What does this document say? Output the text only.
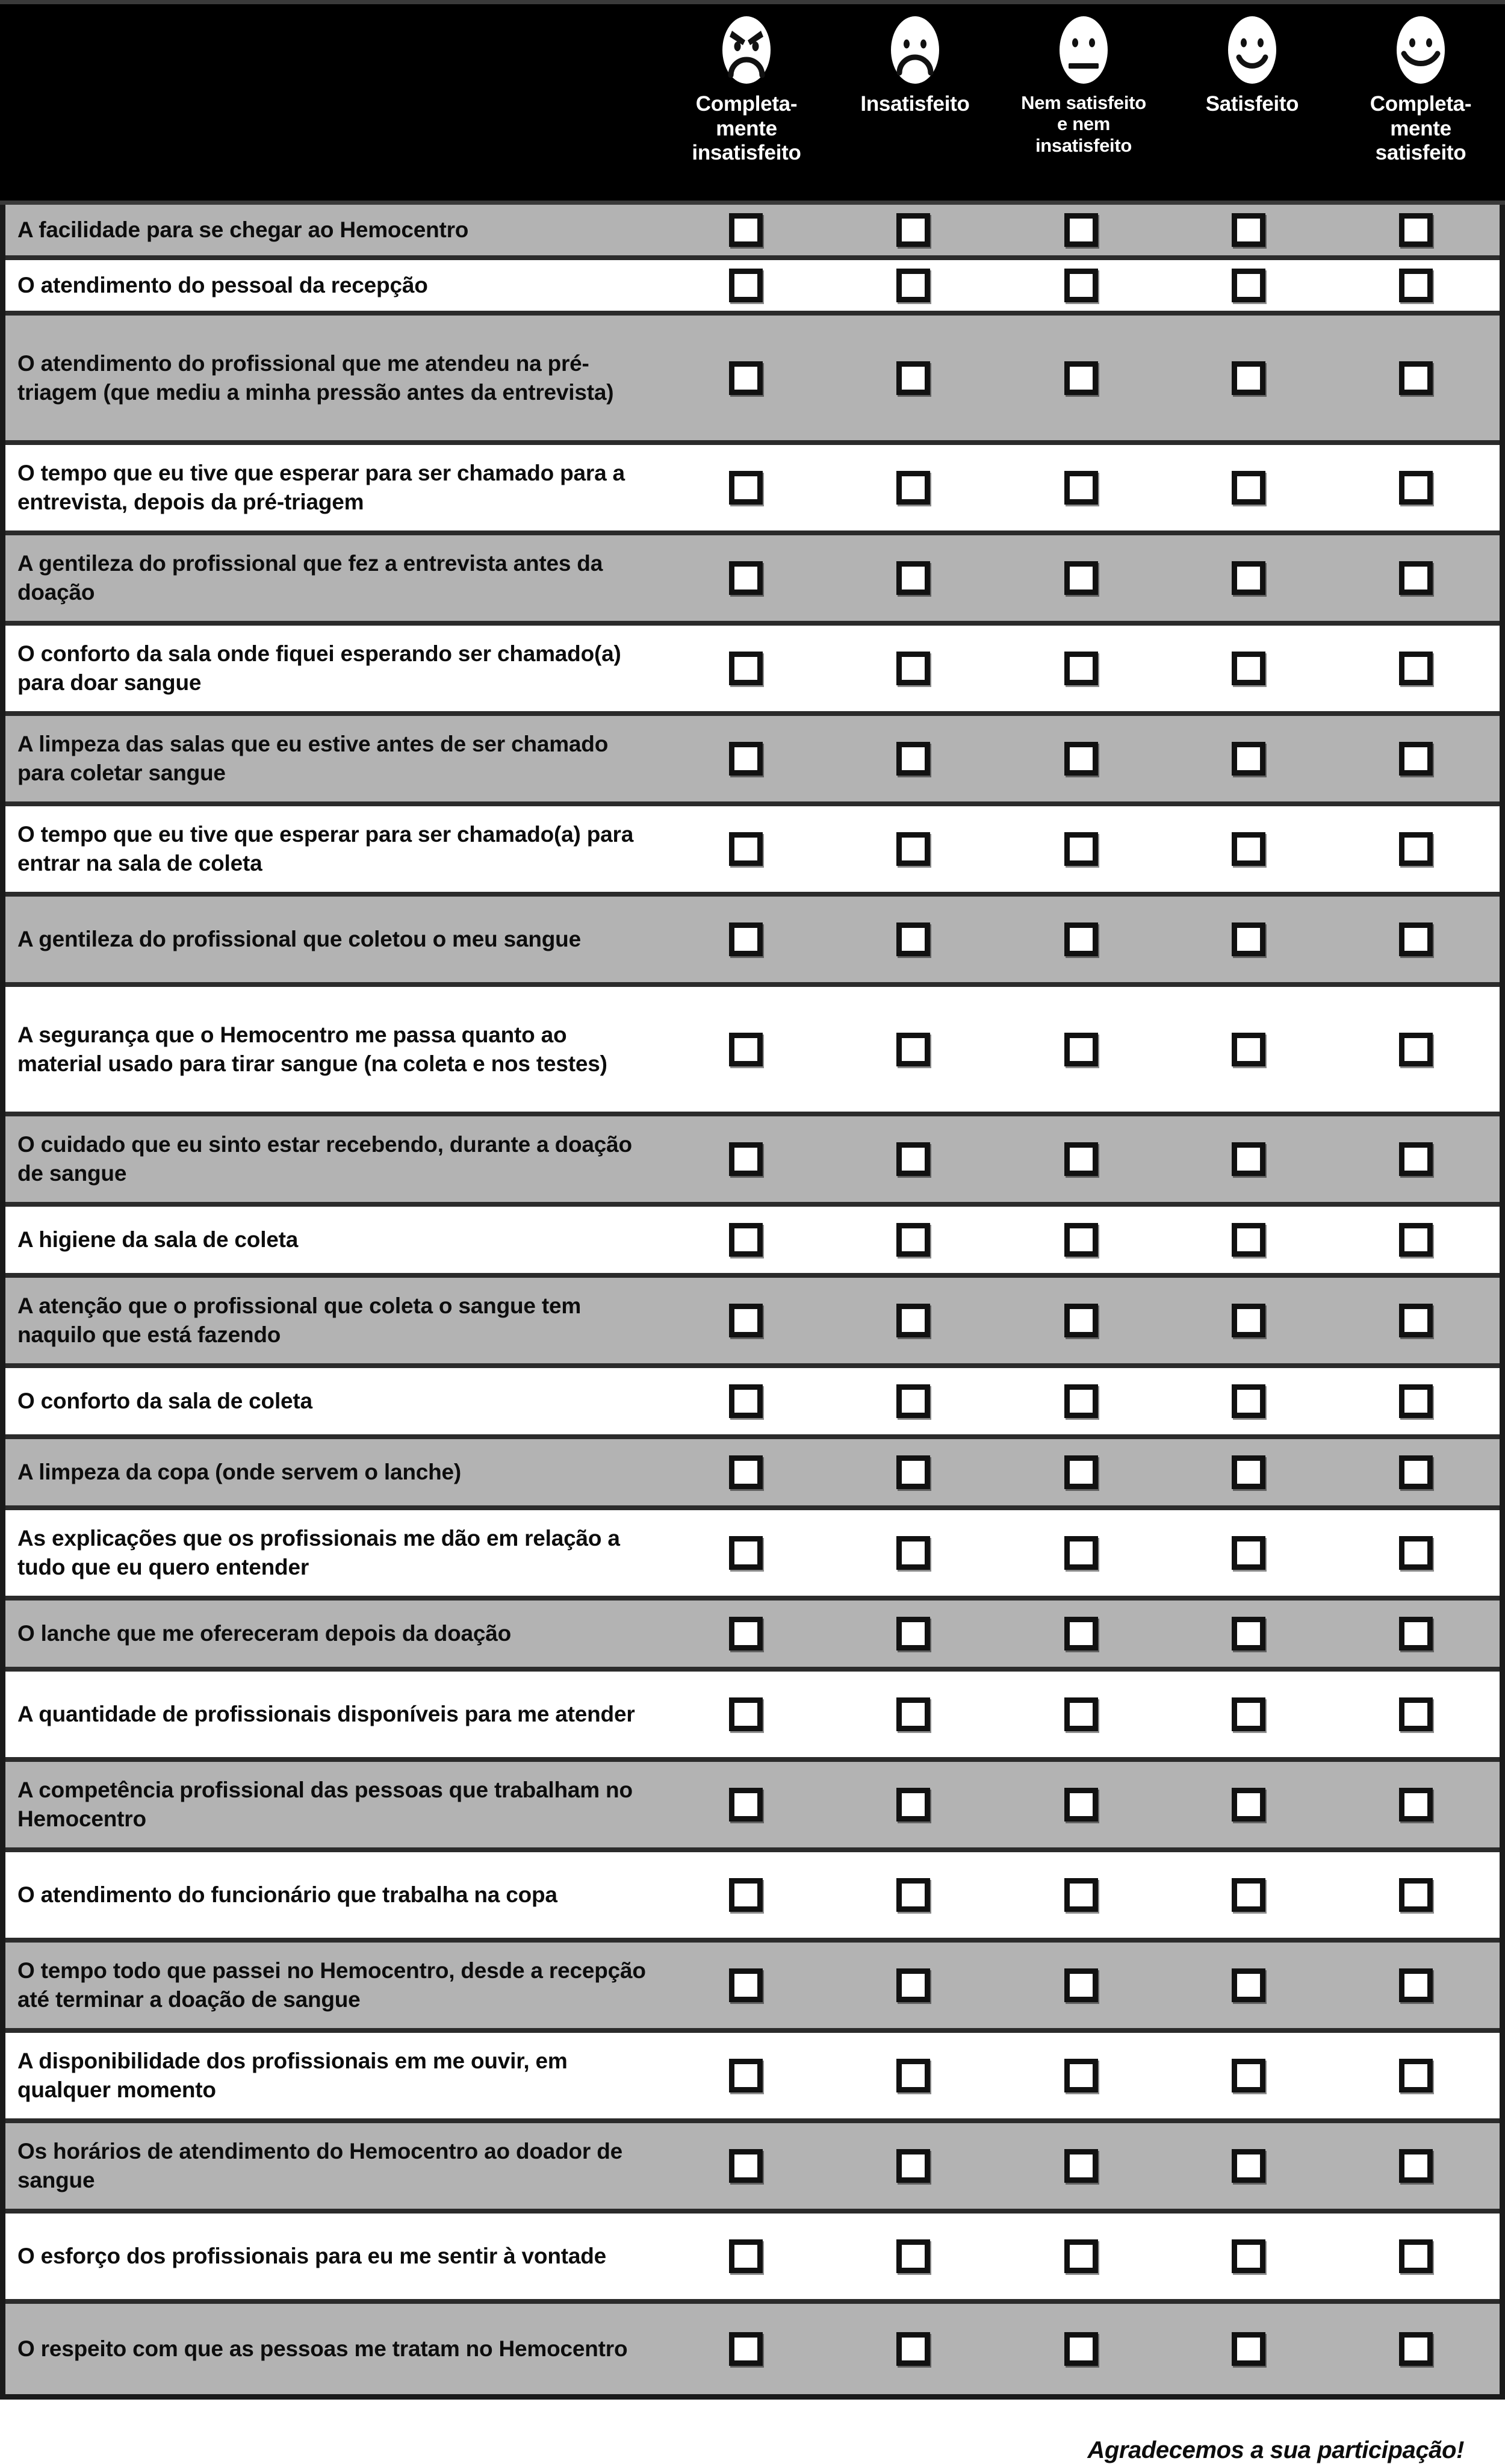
Completa-
mente
insatisfeito
Insatisfeito	Nem satisfeito
e nem
insatisfeito
Satisfeito	Completa-
mente
satisfeito
A facilidade para se chegar ao Hemocentro
O atendimento do pessoal da recepção
O atendimento do profissional que me atendeu na pré-triagem (que mediu a minha pressão antes da entrevista)
O tempo que eu tive que esperar para ser chamado para a entrevista, depois da pré-triagem
A gentileza do profissional que fez a entrevista antes da doação
O conforto da sala onde fiquei esperando ser chamado(a) para doar sangue
A limpeza das salas que eu estive antes de ser chamado para coletar sangue
O tempo que eu tive que esperar para ser chamado(a) para entrar na sala de coleta
A gentileza do profissional que coletou o meu sangue
A segurança que o Hemocentro me passa quanto ao material usado para tirar sangue (na coleta e nos testes)
O cuidado que eu sinto estar recebendo, durante a doação de sangue
A higiene da sala de coleta
A atenção que o profissional que coleta o sangue tem naquilo que está fazendo
O conforto da sala de coleta
A limpeza da copa (onde servem o lanche)
As explicações que os profissionais me dão em relação a tudo que eu quero entender
O lanche que me ofereceram depois da doação
A quantidade de profissionais disponíveis para me atender
A competência profissional das pessoas que trabalham no Hemocentro
O atendimento do funcionário que trabalha na copa
O tempo todo que passei no Hemocentro, desde a recepção até terminar a doação de sangue
A disponibilidade dos profissionais em me ouvir, em qualquer momento
Os horários de atendimento do Hemocentro ao doador de sangue
O esforço dos profissionais para eu me sentir à vontade
O respeito com que as pessoas me tratam no Hemocentro
Agradecemos a sua participação!
